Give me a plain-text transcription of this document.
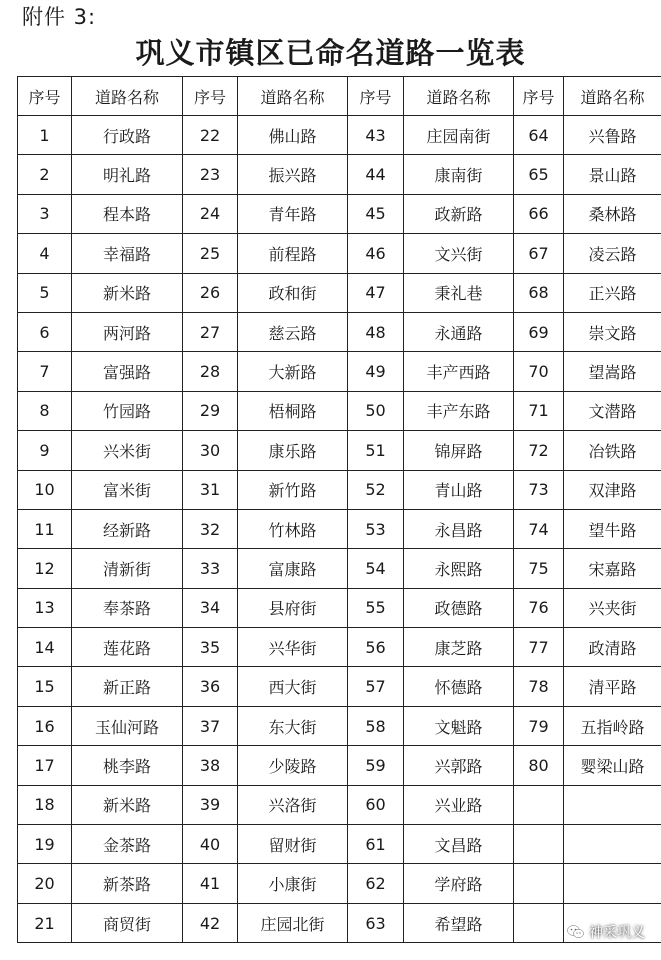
附件 3:
巩义市镇区已命名道路一览表
序号	道路名称	序号	道路名称	序号	道路名称	序号	道路名称
1	行政路	22	佛山路	43	庄园南街	64	兴鲁路
2	明礼路	23	振兴路	44	康南街	65	景山路
3	程本路	24	青年路	45	政新路	66	桑林路
4	幸福路	25	前程路	46	文兴街	67	凌云路
5	新米路	26	政和街	47	秉礼巷	68	正兴路
6	两河路	27	慈云路	48	永通路	69	崇文路
7	富强路	28	大新路	49	丰产西路	70	望嵩路
8	竹园路	29	梧桐路	50	丰产东路	71	文潜路
9	兴米街	30	康乐路	51	锦屏路	72	冶铁路
10	富米街	31	新竹路	52	青山路	73	双津路
11	经新路	32	竹林路	53	永昌路	74	望牛路
12	清新街	33	富康路	54	永熙路	75	宋嘉路
13	奉茶路	34	县府街	55	政德路	76	兴夹街
14	莲花路	35	兴华街	56	康芝路	77	政清路
15	新正路	36	西大街	57	怀德路	78	清平路
16	玉仙河路	37	东大街	58	文魁路	79	五指岭路
17	桃李路	38	少陵路	59	兴郭路	80	婴梁山路
18	新米路	39	兴洛街	60	兴业路		
19	金茶路	40	留财街	61	文昌路		
20	新茶路	41	小康街	62	学府路		
21	商贸街	42	庄园北街	63	希望路			神采巩义
